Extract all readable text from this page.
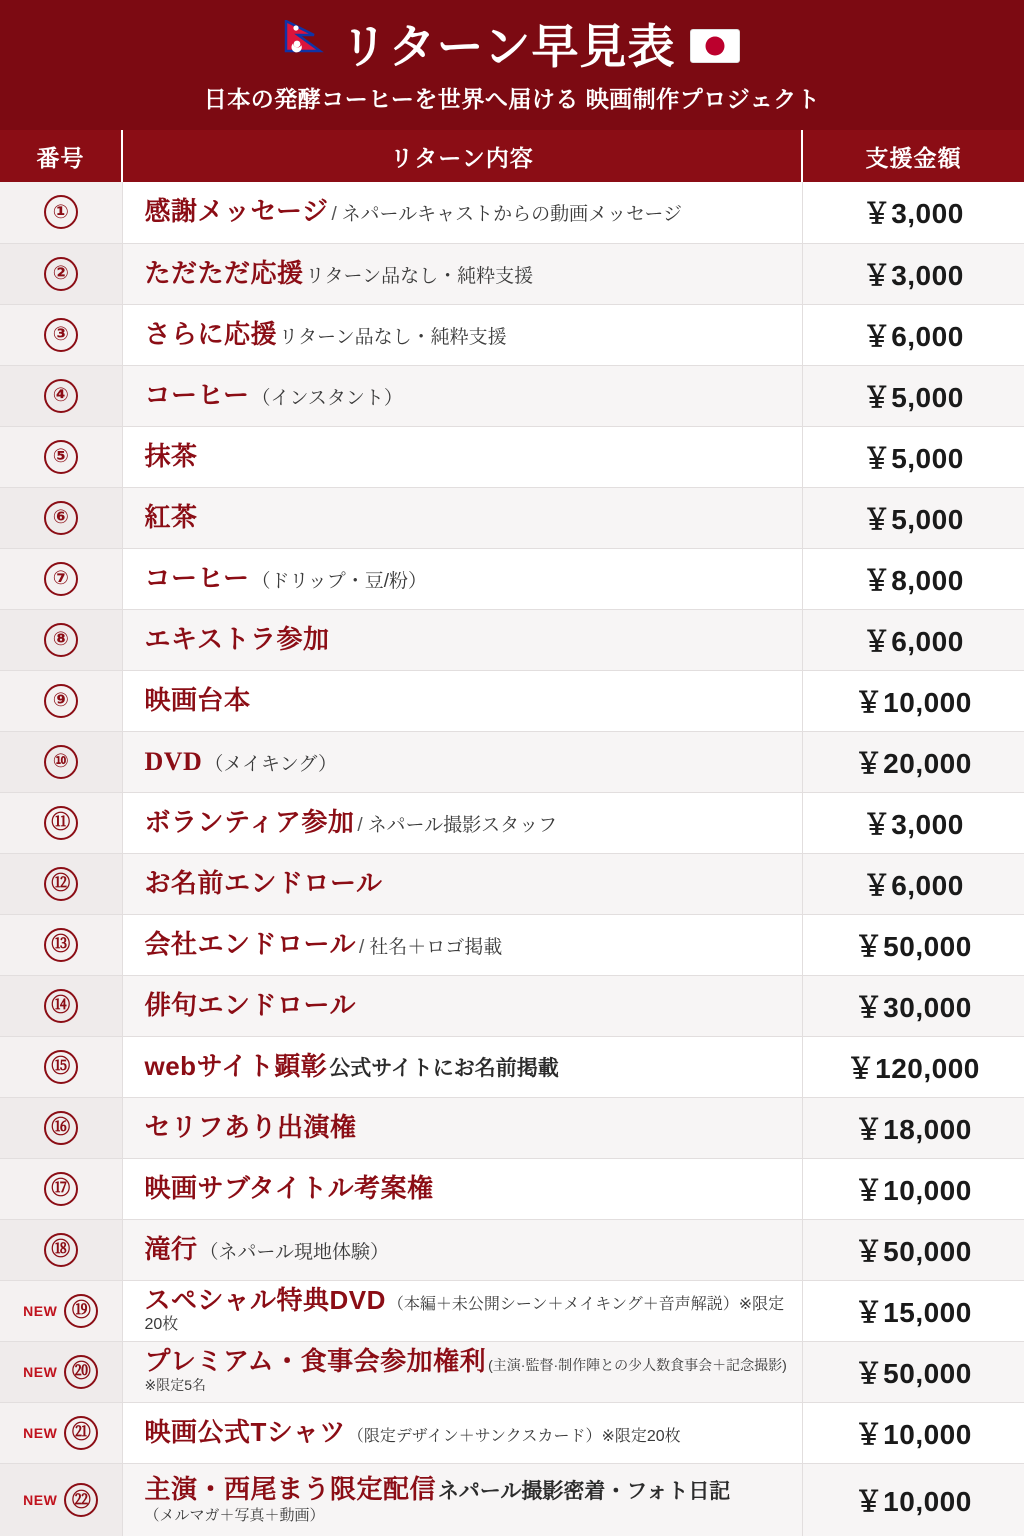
リターン早見表
日本の発酵コーヒーを世界へ届ける 映画制作プロジェクト
番号	リターン内容	支援金額

①	感謝メッセージ / ネパールキャストからの動画メッセージ	￥3,000

②	ただただ応援 リターン品なし・純粋支援	￥3,000

③	さらに応援 リターン品なし・純粋支援	￥6,000

④	コーヒー （インスタント）	￥5,000

⑤	抹茶	￥5,000

⑥	紅茶	￥5,000

⑦	コーヒー （ドリップ・豆/粉）	￥8,000

⑧	エキストラ参加	￥6,000

⑨	映画台本	￥10,000

⑩	DVD （メイキング）	￥20,000

⑪	ボランティア参加 / ネパール撮影スタッフ	￥3,000

⑫	お名前エンドロール	￥6,000

⑬	会社エンドロール / 社名＋ロゴ掲載	￥50,000

⑭	俳句エンドロール	￥30,000

⑮	webサイト顕彰公式サイトにお名前掲載	￥120,000

⑯	セリフあり出演権	￥18,000

⑰	映画サブタイトル考案権	￥10,000

⑱	滝行 （ネパール現地体験）	￥50,000

NEW ⑲	スペシャル特典DVD （本編＋未公開シーン＋メイキング＋音声解説）※限定20枚	￥15,000

NEW ⑳	プレミアム・食事会参加権利 (主演·監督·制作陣との少人数食事会＋記念撮影) ※限定5名	￥50,000

NEW ㉑	映画公式Tシャツ （限定デザイン＋サンクスカード）※限定20枚	￥10,000

NEW ㉒	主演・西尾まう限定配信ネパール撮影密着・フォト日記
（メルマガ＋写真＋動画）	￥10,000
